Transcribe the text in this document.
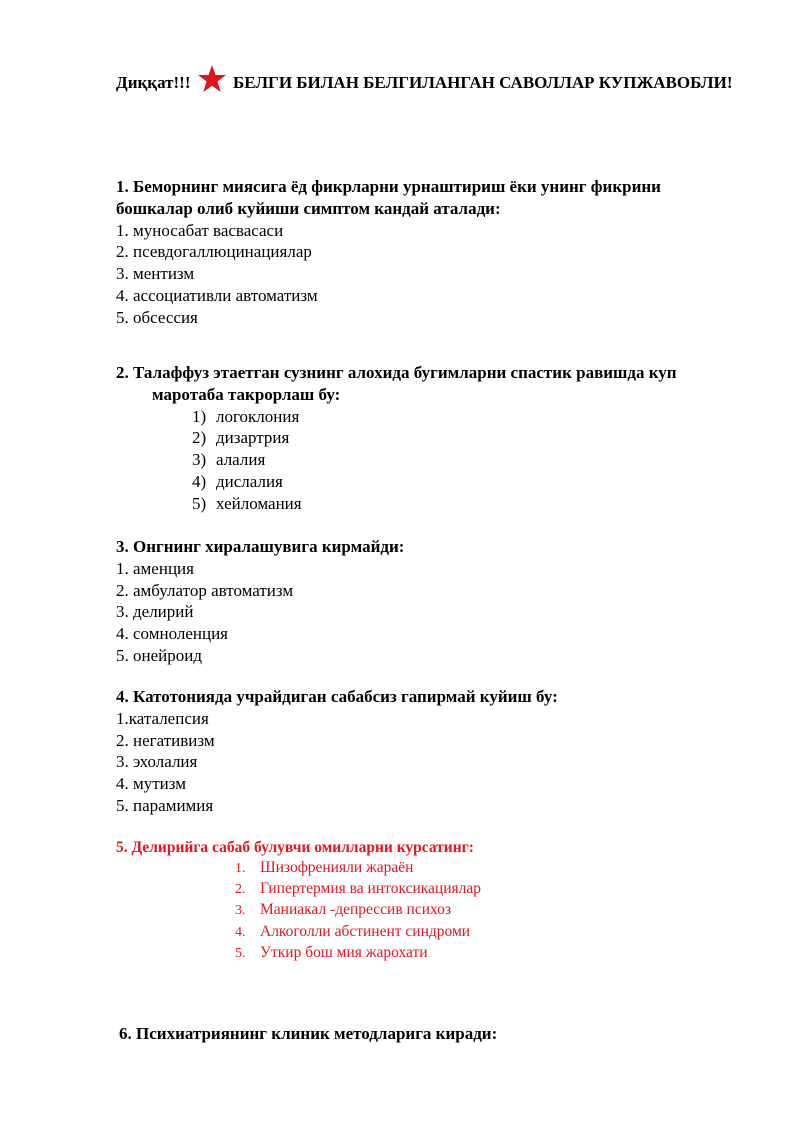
Диққат!!!	БЕЛГИ БИЛАН БЕЛГИЛАНГАН САВОЛЛАР КУПЖАВОБЛИ!
1. Беморнинг миясига ёд фикрларни урнаштириш ёки унинг фикрини бошкалар олиб куйиши симптом кандай аталади:
1. муносабат васвасаси
2. псевдогаллюцинациялар
3. ментизм
4. ассоциативли автоматизм
5. обсессия
2. Талаффуз этаетган сузнинг алохида бугимларни спастик равишда куп маротаба такрорлаш бу:
1) логоклония
2) дизартрия
3) алалия
4) дислалия
5) хейломания
3. Онгнинг хиралашувига кирмайди:
1. аменция
2. амбулатор автоматизм
3. делирий
4. сомноленция
5. онейроид
4. Катотонияда учрайдиган сабабсиз гапирмай куйиш бу:
1.каталепсия
2. негативизм
3. эхолалия
4. мутизм
5. парамимия
5. Делирийга сабаб булувчи омилларни курсатинг:
1. Шизофренияли жараён
2. Гипертермия ва интоксикациялар
3. Маниакал -депрессив психоз
4. Алкоголли абстинент синдроми
5. Уткир бош мия жарохати
6. Психиатриянинг клиник методларига киради:
